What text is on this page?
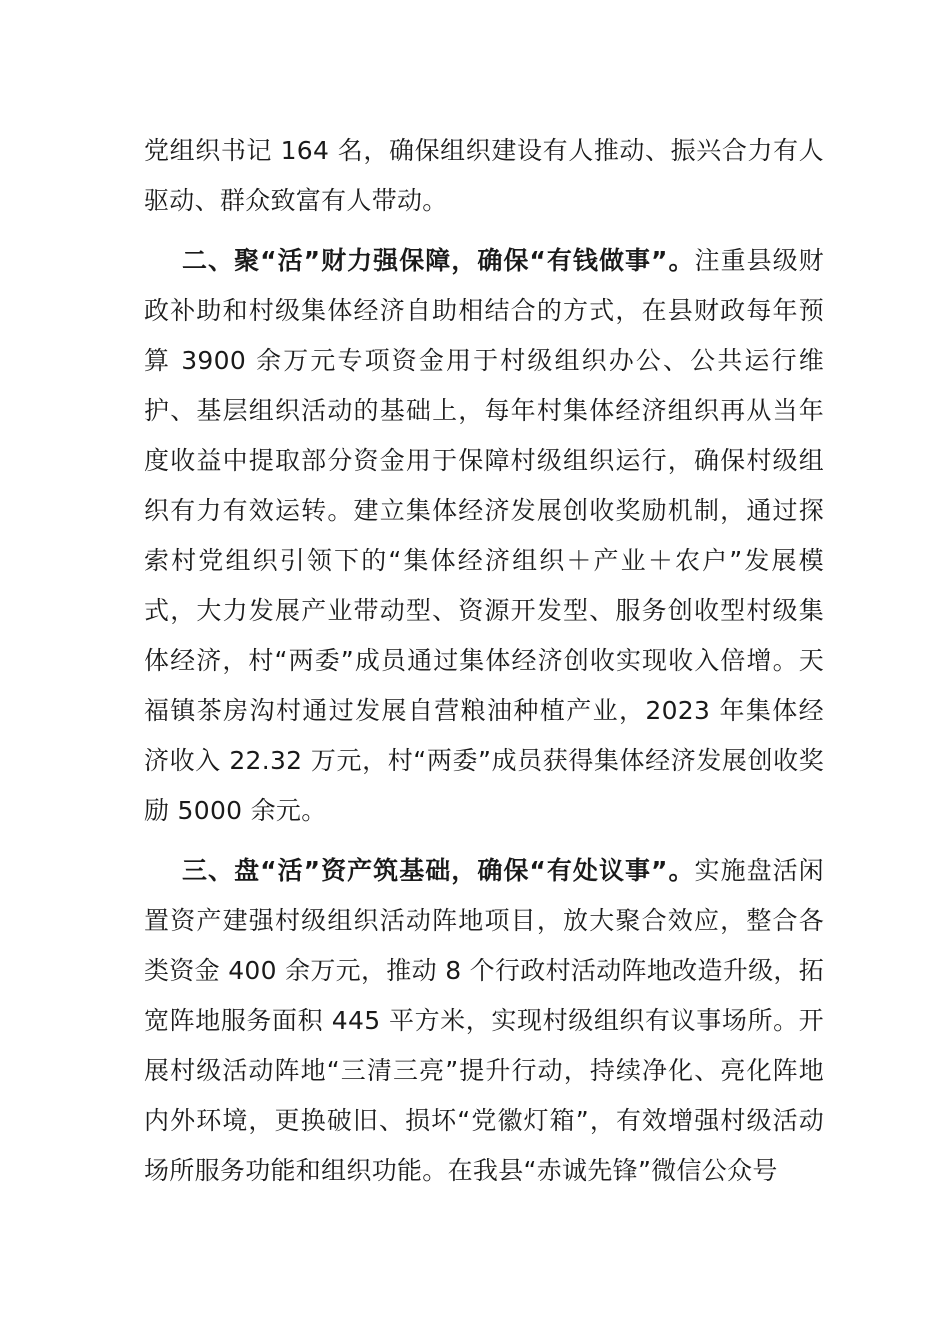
党组织书记 164 名，确保组织建设有人推动、振兴合力有人驱动、群众致富有人带动。

二、聚“活”财力强保障，确保“有钱做事”。注重县级财政补助和村级集体经济自助相结合的方式，在县财政每年预算 3900 余万元专项资金用于村级组织办公、公共运行维护、基层组织活动的基础上，每年村集体经济组织再从当年度收益中提取部分资金用于保障村级组织运行，确保村级组织有力有效运转。建立集体经济发展创收奖励机制，通过探索村党组织引领下的“集体经济组织＋产业＋农户”发展模式，大力发展产业带动型、资源开发型、服务创收型村级集体经济，村“两委”成员通过集体经济创收实现收入倍增。天福镇茶房沟村通过发展自营粮油种植产业，2023 年集体经济收入 22.32 万元，村“两委”成员获得集体经济发展创收奖励 5000 余元。

三、盘“活”资产筑基础，确保“有处议事”。实施盘活闲置资产建强村级组织活动阵地项目，放大聚合效应，整合各类资金 400 余万元，推动 8 个行政村活动阵地改造升级，拓宽阵地服务面积 445 平方米，实现村级组织有议事场所。开展村级活动阵地“三清三亮”提升行动，持续净化、亮化阵地内外环境，更换破旧、损坏“党徽灯箱”，有效增强村级活动场所服务功能和组织功能。在我县“赤诚先锋”微信公众号
